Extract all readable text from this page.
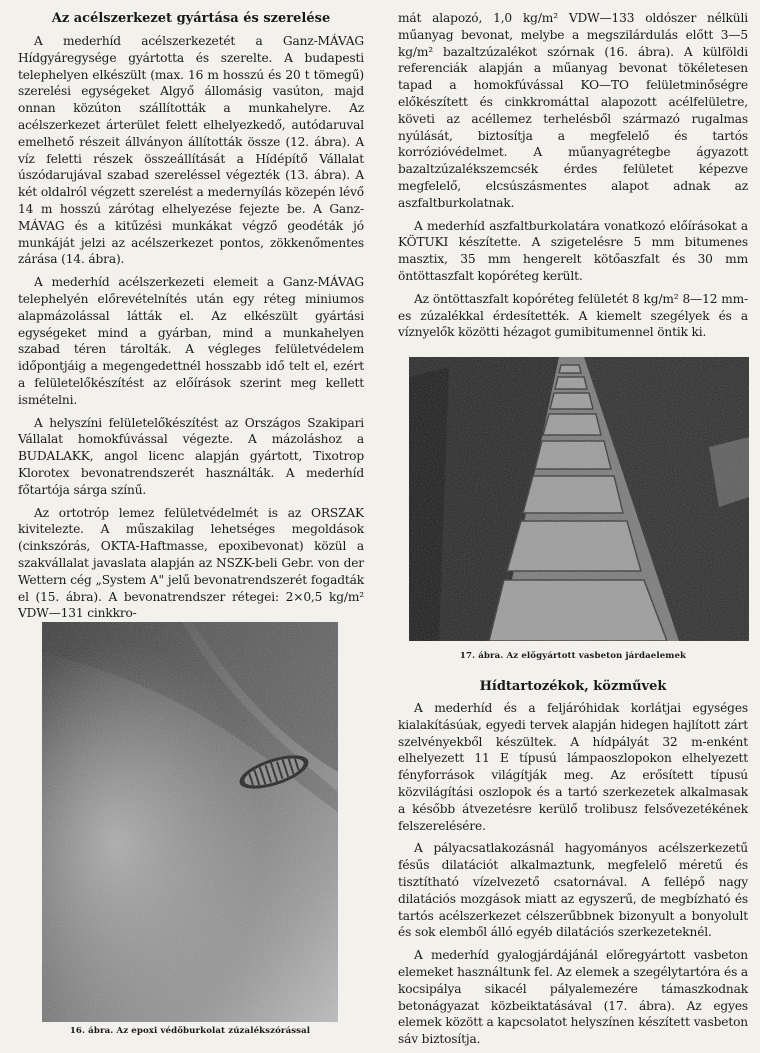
Az acélszerkezet gyártása és szerelése

A mederhíd acélszerkezetét a Ganz-MÁVAG Hídgyáregysége gyártotta és szerelte. A budapesti telephelyen elkészült (max. 16 m hosszú és 20 t tömegű) szerelési egységeket Algyő állomásig vasúton, majd onnan közúton szállították a munkahelyre. Az acélszerkezet árterület felett elhelyezkedő, autódaruval emelhető részeit állványon állították össze (12. ábra). A víz feletti részek összeállítását a Hídépítő Vállalat úszódarujával szabad szereléssel végezték (13. ábra). A két oldalról végzett szerelést a medernyílás közepén lévő 14 m hosszú zárótag elhelyezése fejezte be. A Ganz-MÁVAG és a kitűzési munkákat végző geodéták jó munkáját jelzi az acélszerkezet pontos, zökkenőmentes zárása (14. ábra).

A mederhíd acélszerkezeti elemeit a Ganz-MÁVAG telephelyén előrevételnítés után egy réteg miniumos alapmázolással látták el. Az elkészült gyártási egységeket mind a gyárban, mind a munkahelyen szabad téren tárolták. A végleges felületvédelem időpontjáig a megengedettnél hosszabb idő telt el, ezért a felületelőkészítést az előírások szerint meg kellett ismételni.

A helyszíni felületelőkészítést az Országos Szakipari Vállalat homokfúvással végezte. A mázoláshoz a BUDALAKK, angol licenc alapján gyártott, Tixotrop Klorotex bevonatrendszerét használták. A mederhíd főtartója sárga színű.

Az ortotróp lemez felületvédelmét is az ORSZAK kivitelezte. A műszakilag lehetséges megoldások (cinkszórás, OKTA-Haftmasse, epoxibevonat) közül a szakvállalat javaslata alapján az NSZK-beli Gebr. von der Wettern cég „System A" jelű bevonatrendszerét fogadták el (15. ábra). A bevonatrendszer rétegei: 2×0,5 kg/m² VDW—131 cinkkro-

16. ábra. Az epoxi védőburkolat zúzalékszórással

mát alapozó, 1,0 kg/m² VDW—133 oldószer nélküli műanyag bevonat, melybe a megszilárdulás előtt 3—5 kg/m² bazaltzúzalékot szórnak (16. ábra). A külföldi referenciák alapján a műanyag bevonat tökéletesen tapad a homokfúvással KO—TO felületminőségre előkészített és cinkkromáttal alapozott acélfelületre, követi az acéllemez terhelésből származó rugalmas nyúlását, biztosítja a megfelelő és tartós korrózióvédelmet. A műanyagrétegbe ágyazott bazaltzúzalékszemcsék érdes felületet képezve megfelelő, elcsúszásmentes alapot adnak az aszfaltburkolatnak.

A mederhíd aszfaltburkolatára vonatkozó előírásokat a KÖTUKI készítette. A szigetelésre 5 mm bitumenes masztix, 35 mm hengerelt kötőaszfalt és 30 mm öntöttaszfalt kopóréteg került.

Az öntöttaszfalt kopóréteg felületét 8 kg/m² 8—12 mm-es zúzalékkal érdesítették. A kiemelt szegélyek és a víznyelők közötti hézagot gumibitumennel öntik ki.

17. ábra. Az előgyártott vasbeton járdaelemek
Hídtartozékok, közművek

A mederhíd és a feljáróhidak korlátjai egységes kialakításúak, egyedi tervek alapján hidegen hajlított zárt szelvényekből készültek. A hídpályát 32 m-enként elhelyezett 11 E típusú lámpaoszlopokon elhelyezett fényforrások világítják meg. Az erősített típusú közvilágítási oszlopok és a tartó szerkezetek alkalmasak a később átvezetésre kerülő trolibusz felsővezetékének felszerelésére.

A pályacsatlakozásnál hagyományos acélszerkezetű fésűs dilatációt alkalmaztunk, megfelelő méretű és tisztítható vízelvezető csatornával. A fellépő nagy dilatációs mozgások miatt az egyszerű, de megbízható és tartós acélszerkezet célszerűbbnek bizonyult a bonyolult és sok elemből álló egyéb dilatációs szerkezeteknél.

A mederhíd gyalogjárdájánál előregyártott vasbeton elemeket használtunk fel. Az elemek a szegélytartóra és a kocsipálya sikacél pályalemezére támaszkodnak betonágyazat közbeiktatásával (17. ábra). Az egyes elemek között a kapcsolatot helyszínen készített vasbeton sáv biztosítja.
